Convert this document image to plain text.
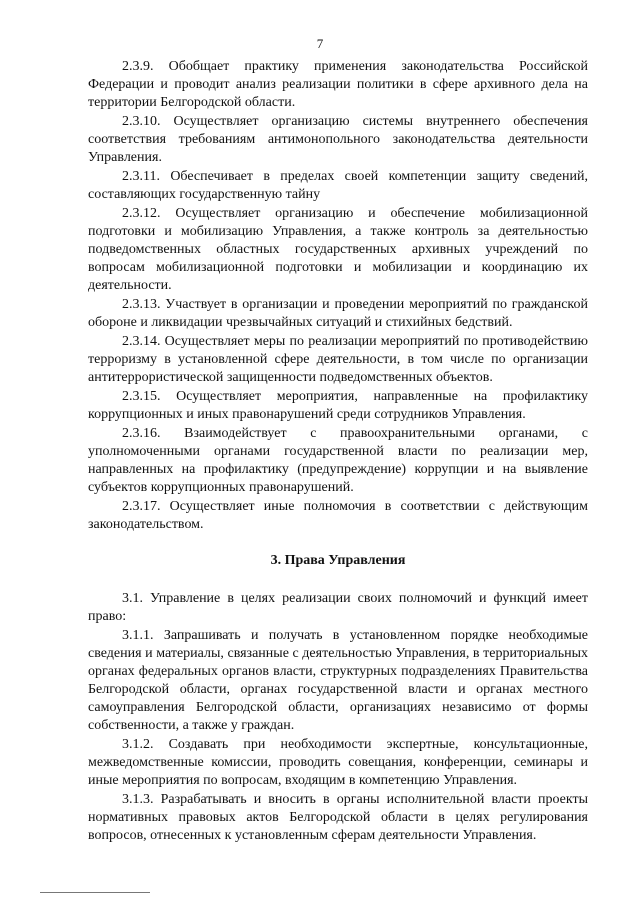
7

2.3.9. Обобщает практику применения законодательства Российской Федерации и проводит анализ реализации политики в сфере архивного дела на территории Белгородской области.

2.3.10. Осуществляет организацию системы внутреннего обеспечения соответствия требованиям антимонопольного законодательства деятельности Управления.

2.3.11. Обеспечивает в пределах своей компетенции защиту сведений, составляющих государственную тайну

2.3.12. Осуществляет организацию и обеспечение мобилизационной подготовки и мобилизацию Управления, а также контроль за деятельностью подведомственных областных государственных архивных учреждений по вопросам мобилизационной подготовки и мобилизации и координацию их деятельности.

2.3.13. Участвует в организации и проведении мероприятий по гражданской обороне и ликвидации чрезвычайных ситуаций и стихийных бедствий.

2.3.14. Осуществляет меры по реализации мероприятий по противодействию терроризму в установленной сфере деятельности, в том числе по организации антитеррористической защищенности подведомственных объектов.

2.3.15. Осуществляет мероприятия, направленные на профилактику коррупционных и иных правонарушений среди сотрудников Управления.

2.3.16. Взаимодействует с правоохранительными органами, с уполномоченными органами государственной власти по реализации мер, направленных на профилактику (предупреждение) коррупции и на выявление субъектов коррупционных правонарушений.

2.3.17. Осуществляет иные полномочия в соответствии с действующим законодательством.

3. Права Управления

3.1. Управление в целях реализации своих полномочий и функций имеет право:

3.1.1. Запрашивать и получать в установленном порядке необходимые сведения и материалы, связанные с деятельностью Управления, в территориальных органах федеральных органов власти, структурных подразделениях Правительства Белгородской области, органах государственной власти и органах местного самоуправления Белгородской области, организациях независимо от формы собственности, а также у граждан.

3.1.2. Создавать при необходимости экспертные, консультационные, межведомственные комиссии, проводить совещания, конференции, семинары и иные мероприятия по вопросам, входящим в компетенцию Управления.

3.1.3. Разрабатывать и вносить в органы исполнительной власти проекты нормативных правовых актов Белгородской области в целях регулирования вопросов, отнесенных к установленным сферам деятельности Управления.
